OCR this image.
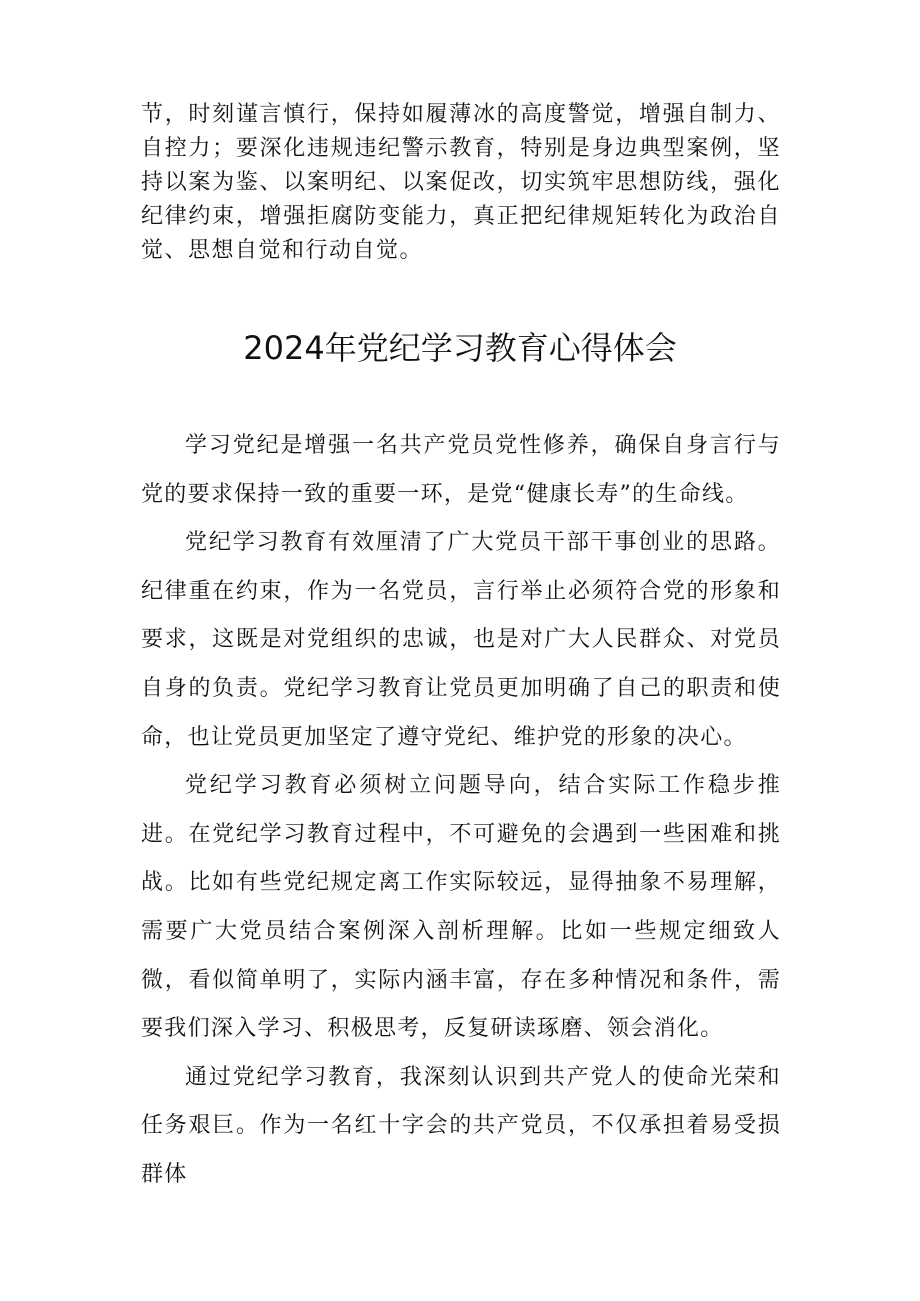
节，时刻谨言慎行，保持如履薄冰的高度警觉，增强自制力、自控力；要深化违规违纪警示教育，特别是身边典型案例，坚持以案为鉴、以案明纪、以案促改，切实筑牢思想防线，强化纪律约束，增强拒腐防变能力，真正把纪律规矩转化为政治自觉、思想自觉和行动自觉。
2024年党纪学习教育心得体会

学习党纪是增强一名共产党员党性修养，确保自身言行与党的要求保持一致的重要一环，是党“健康长寿”的生命线。

党纪学习教育有效厘清了广大党员干部干事创业的思路。纪律重在约束，作为一名党员，言行举止必须符合党的形象和要求，这既是对党组织的忠诚，也是对广大人民群众、对党员自身的负责。党纪学习教育让党员更加明确了自己的职责和使命，也让党员更加坚定了遵守党纪、维护党的形象的决心。

党纪学习教育必须树立问题导向，结合实际工作稳步推进。在党纪学习教育过程中，不可避免的会遇到一些困难和挑战。比如有些党纪规定离工作实际较远，显得抽象不易理解，需要广大党员结合案例深入剖析理解。比如一些规定细致人微，看似简单明了，实际内涵丰富，存在多种情况和条件，需要我们深入学习、积极思考，反复研读琢磨、领会消化。

通过党纪学习教育，我深刻认识到共产党人的使命光荣和任务艰巨。作为一名红十字会的共产党员，不仅承担着易受损群体
